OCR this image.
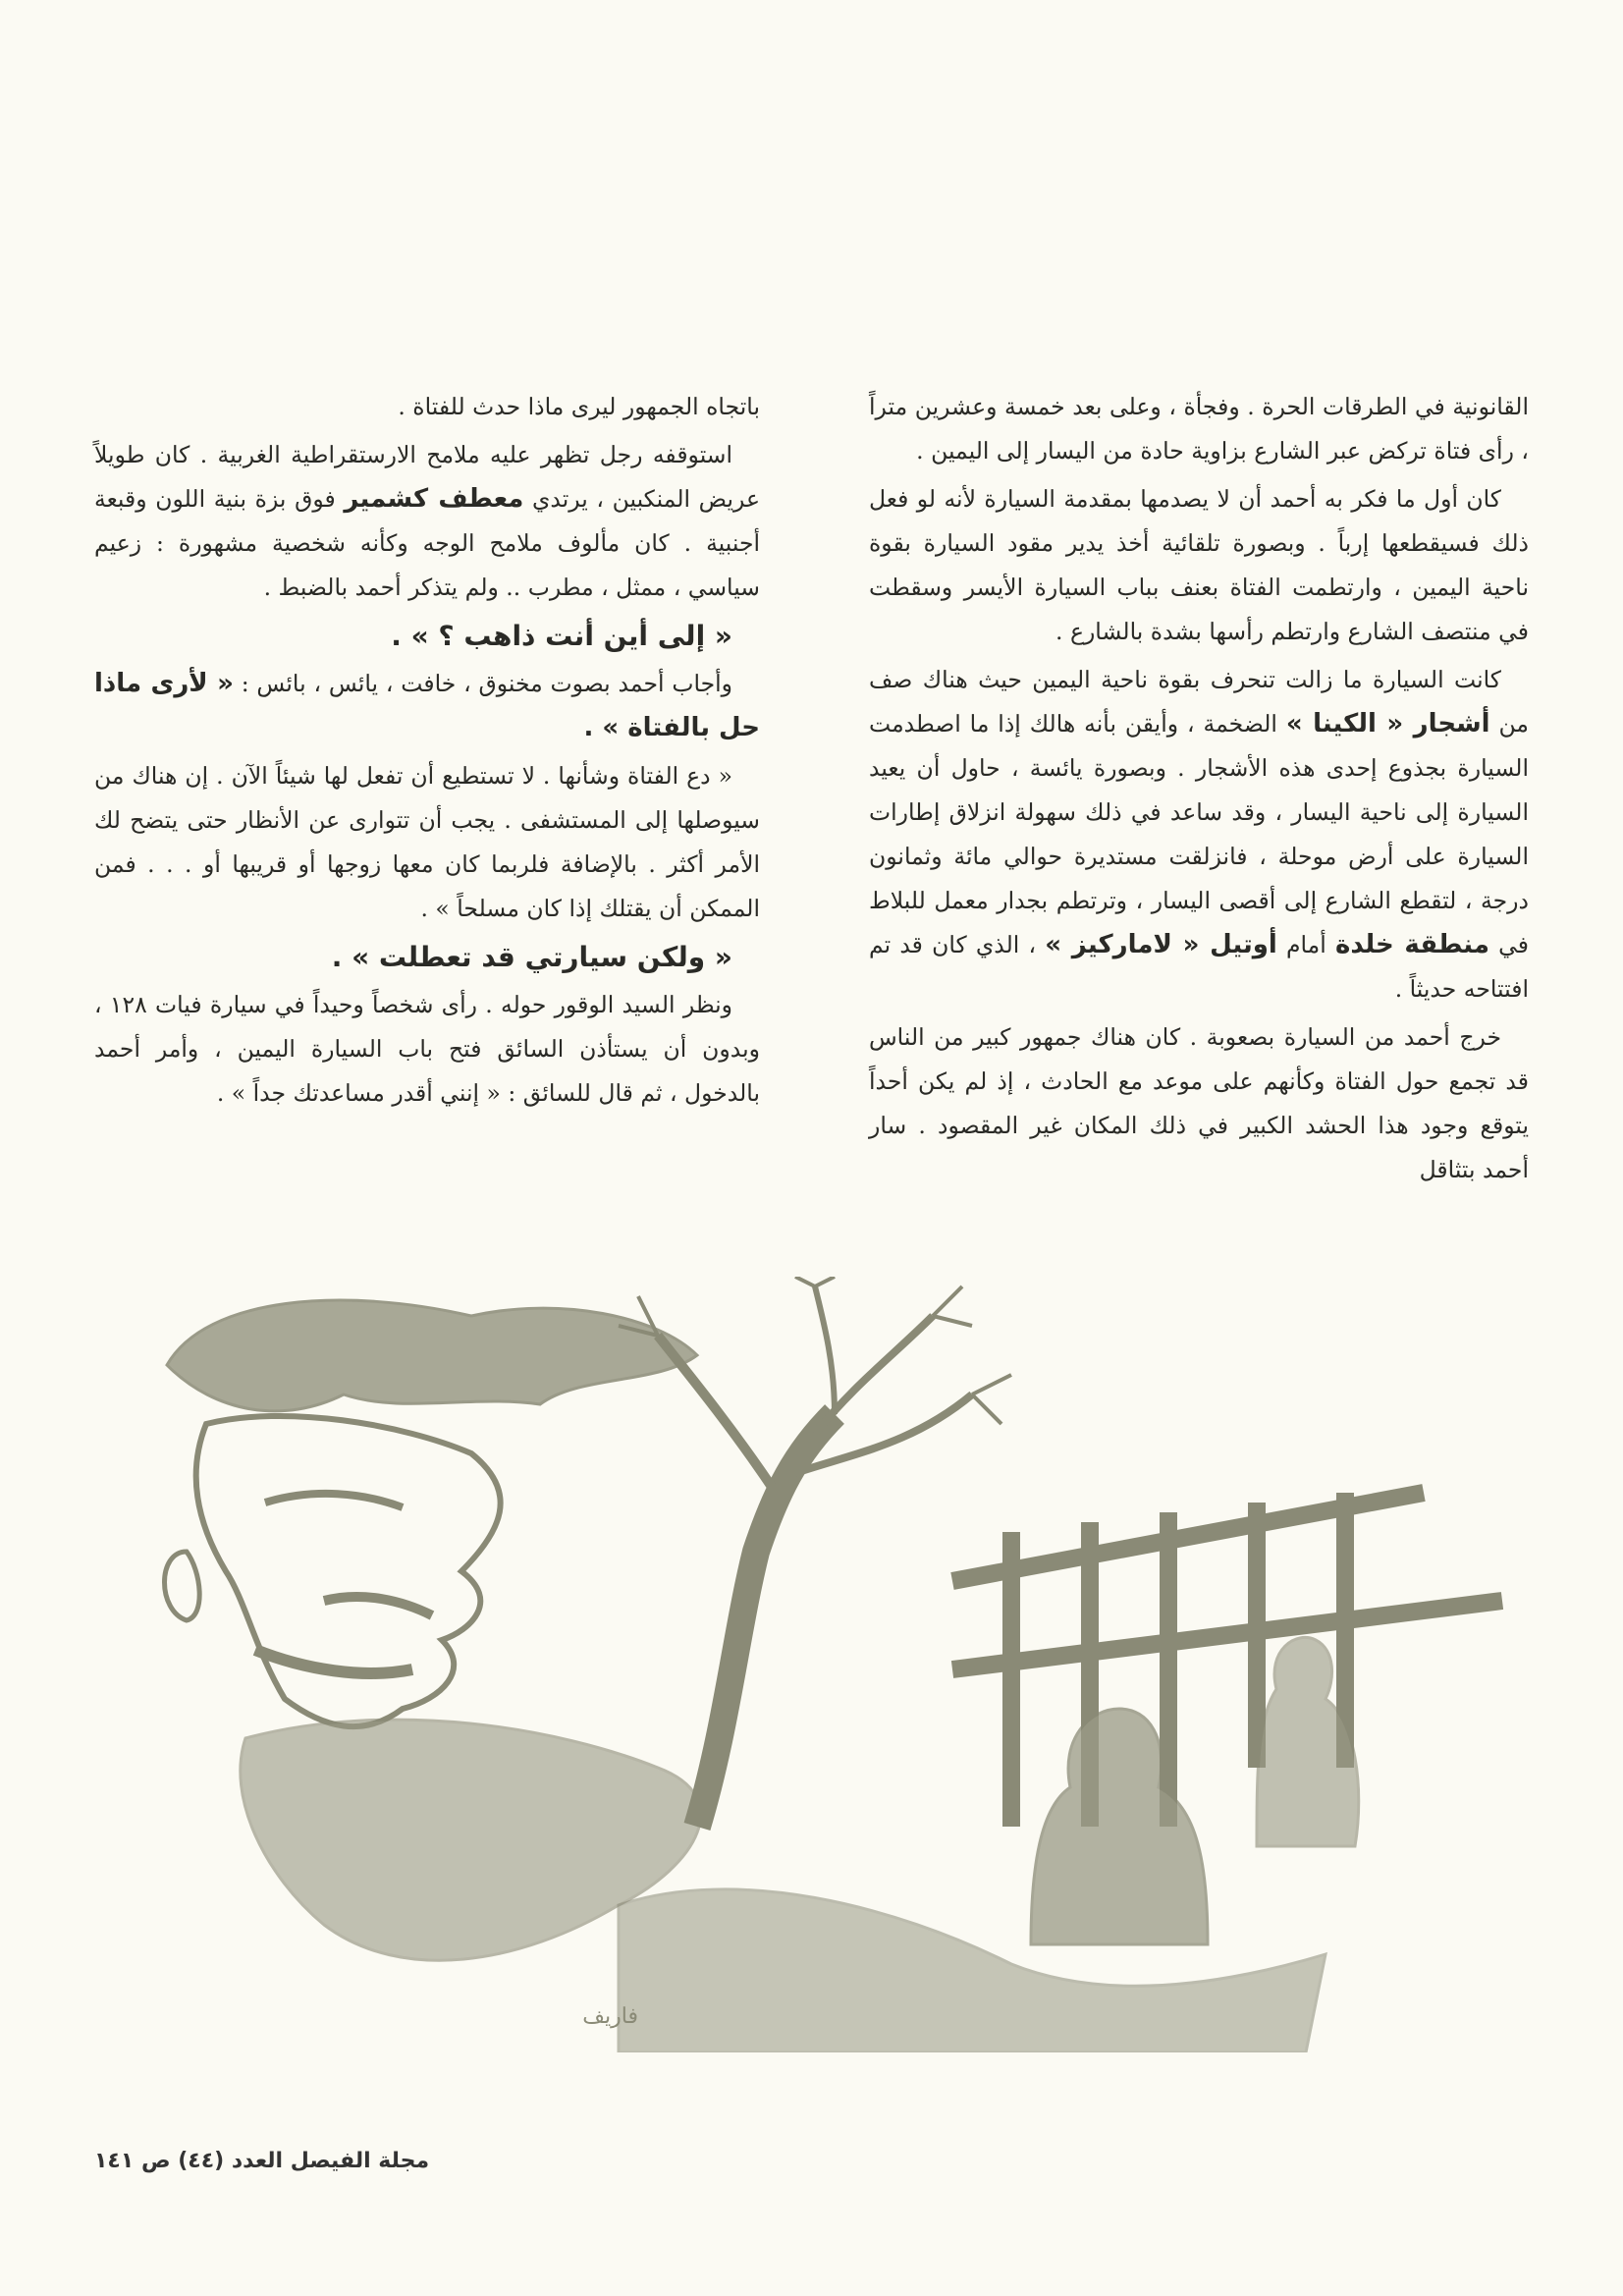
القانونية في الطرقات الحرة . وفجأة ، وعلى بعد خمسة وعشرين متراً ، رأى فتاة تركض عبر الشارع بزاوية حادة من اليسار إلى اليمين .

كان أول ما فكر به أحمد أن لا يصدمها بمقدمة السيارة لأنه لو فعل ذلك فسيقطعها إرباً . وبصورة تلقائية أخذ يدير مقود السيارة بقوة ناحية اليمين ، وارتطمت الفتاة بعنف بباب السيارة الأيسر وسقطت في منتصف الشارع وارتطم رأسها بشدة بالشارع .

كانت السيارة ما زالت تنحرف بقوة ناحية اليمين حيث هناك صف من أشجار « الكينا » الضخمة ، وأيقن بأنه هالك إذا ما اصطدمت السيارة بجذوع إحدى هذه الأشجار . وبصورة يائسة ، حاول أن يعيد السيارة إلى ناحية اليسار ، وقد ساعد في ذلك سهولة انزلاق إطارات السيارة على أرض موحلة ، فانزلقت مستديرة حوالي مائة وثمانون درجة ، لتقطع الشارع إلى أقصى اليسار ، وترتطم بجدار معمل للبلاط في منطقة خلدة أمام أوتيل « لاماركيز » ، الذي كان قد تم افتتاحه حديثاً .

خرج أحمد من السيارة بصعوبة . كان هناك جمهور كبير من الناس قد تجمع حول الفتاة وكأنهم على موعد مع الحادث ، إذ لم يكن أحداً يتوقع وجود هذا الحشد الكبير في ذلك المكان غير المقصود . سار أحمد بتثاقل

باتجاه الجمهور ليرى ماذا حدث للفتاة .

استوقفه رجل تظهر عليه ملامح الارستقراطية الغربية . كان طويلاً عريض المنكبين ، يرتدي معطف كشمير فوق بزة بنية اللون وقبعة أجنبية . كان مألوف ملامح الوجه وكأنه شخصية مشهورة : زعيم سياسي ، ممثل ، مطرب .. ولم يتذكر أحمد بالضبط .

« إلى أين أنت ذاهب ؟ » .

وأجاب أحمد بصوت مخنوق ، خافت ، يائس ، بائس : « لأرى ماذا حل بالفتاة » .

« دع الفتاة وشأنها . لا تستطيع أن تفعل لها شيئاً الآن . إن هناك من سيوصلها إلى المستشفى . يجب أن تتوارى عن الأنظار حتى يتضح لك الأمر أكثر . بالإضافة فلربما كان معها زوجها أو قريبها أو . . . فمن الممكن أن يقتلك إذا كان مسلحاً » .

« ولكن سيارتي قد تعطلت » .

ونظر السيد الوقور حوله . رأى شخصاً وحيداً في سيارة فيات ١٢٨ ، وبدون أن يستأذن السائق فتح باب السيارة اليمين ، وأمر أحمد بالدخول ، ثم قال للسائق : « إنني أقدر مساعدتك جداً » .

فاريف
مجلة الفيصل العدد (٤٤) ص ١٤١
